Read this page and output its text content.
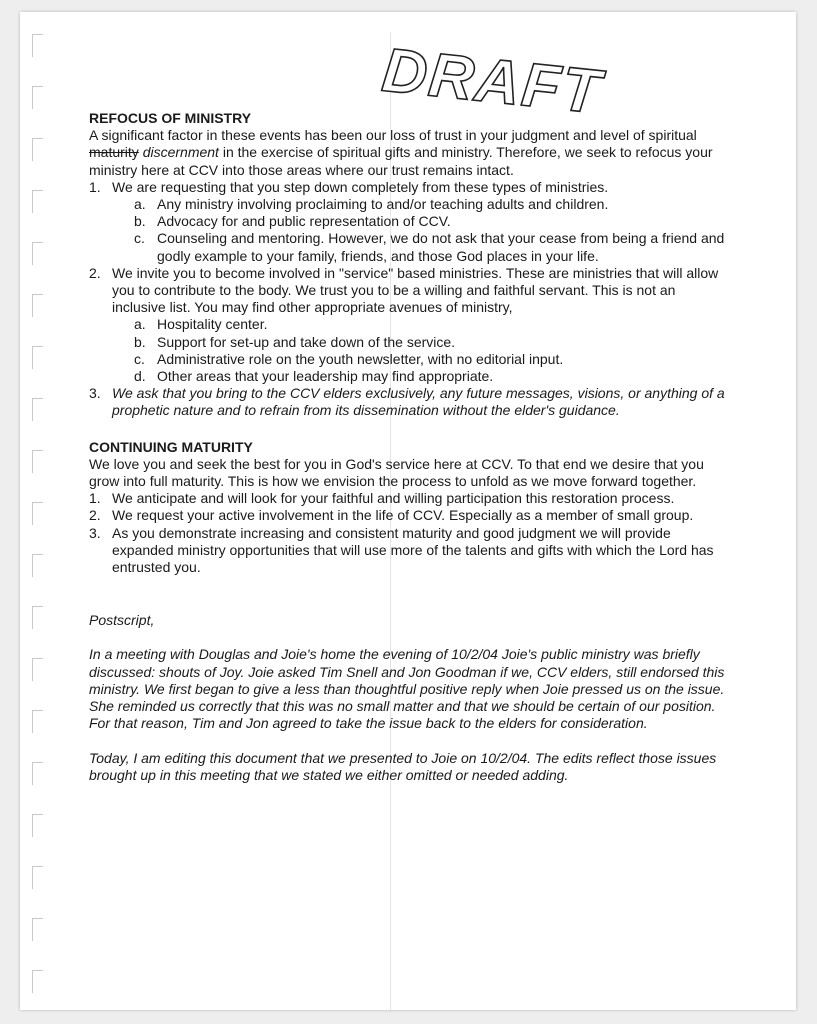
DRAFT
REFOCUS OF MINISTRY

A significant factor in these events has been our loss of trust in your judgment and level of spiritual maturity discernment in the exercise of spiritual gifts and ministry. Therefore, we seek to refocus your ministry here at CCV into those areas where our trust remains intact.

1. We are requesting that you step down completely from these types of ministries.
a. Any ministry involving proclaiming to and/or teaching adults and children.
b. Advocacy for and public representation of CCV.
c. Counseling and mentoring. However, we do not ask that your cease from being a friend and godly example to your family, friends, and those God places in your life.
2. We invite you to become involved in "service" based ministries. These are ministries that will allow you to contribute to the body. We trust you to be a willing and faithful servant. This is not an inclusive list. You may find other appropriate avenues of ministry,
a. Hospitality center.
b. Support for set-up and take down of the service.
c. Administrative role on the youth newsletter, with no editorial input.
d. Other areas that your leadership may find appropriate.
3. We ask that you bring to the CCV elders exclusively, any future messages, visions, or anything of a prophetic nature and to refrain from its dissemination without the elder's guidance.
CONTINUING MATURITY

We love you and seek the best for you in God's service here at CCV. To that end we desire that you grow into full maturity. This is how we envision the process to unfold as we move forward together.

1. We anticipate and will look for your faithful and willing participation this restoration process.
2. We request your active involvement in the life of CCV. Especially as a member of small group.
3. As you demonstrate increasing and consistent maturity and good judgment we will provide expanded ministry opportunities that will use more of the talents and gifts with which the Lord has entrusted you.

Postscript,

In a meeting with Douglas and Joie's home the evening of 10/2/04 Joie's public ministry was briefly discussed: shouts of Joy. Joie asked Tim Snell and Jon Goodman if we, CCV elders, still endorsed this ministry. We first began to give a less than thoughtful positive reply when Joie pressed us on the issue. She reminded us correctly that this was no small matter and that we should be certain of our position. For that reason, Tim and Jon agreed to take the issue back to the elders for consideration.

Today, I am editing this document that we presented to Joie on 10/2/04. The edits reflect those issues brought up in this meeting that we stated we either omitted or needed adding.
